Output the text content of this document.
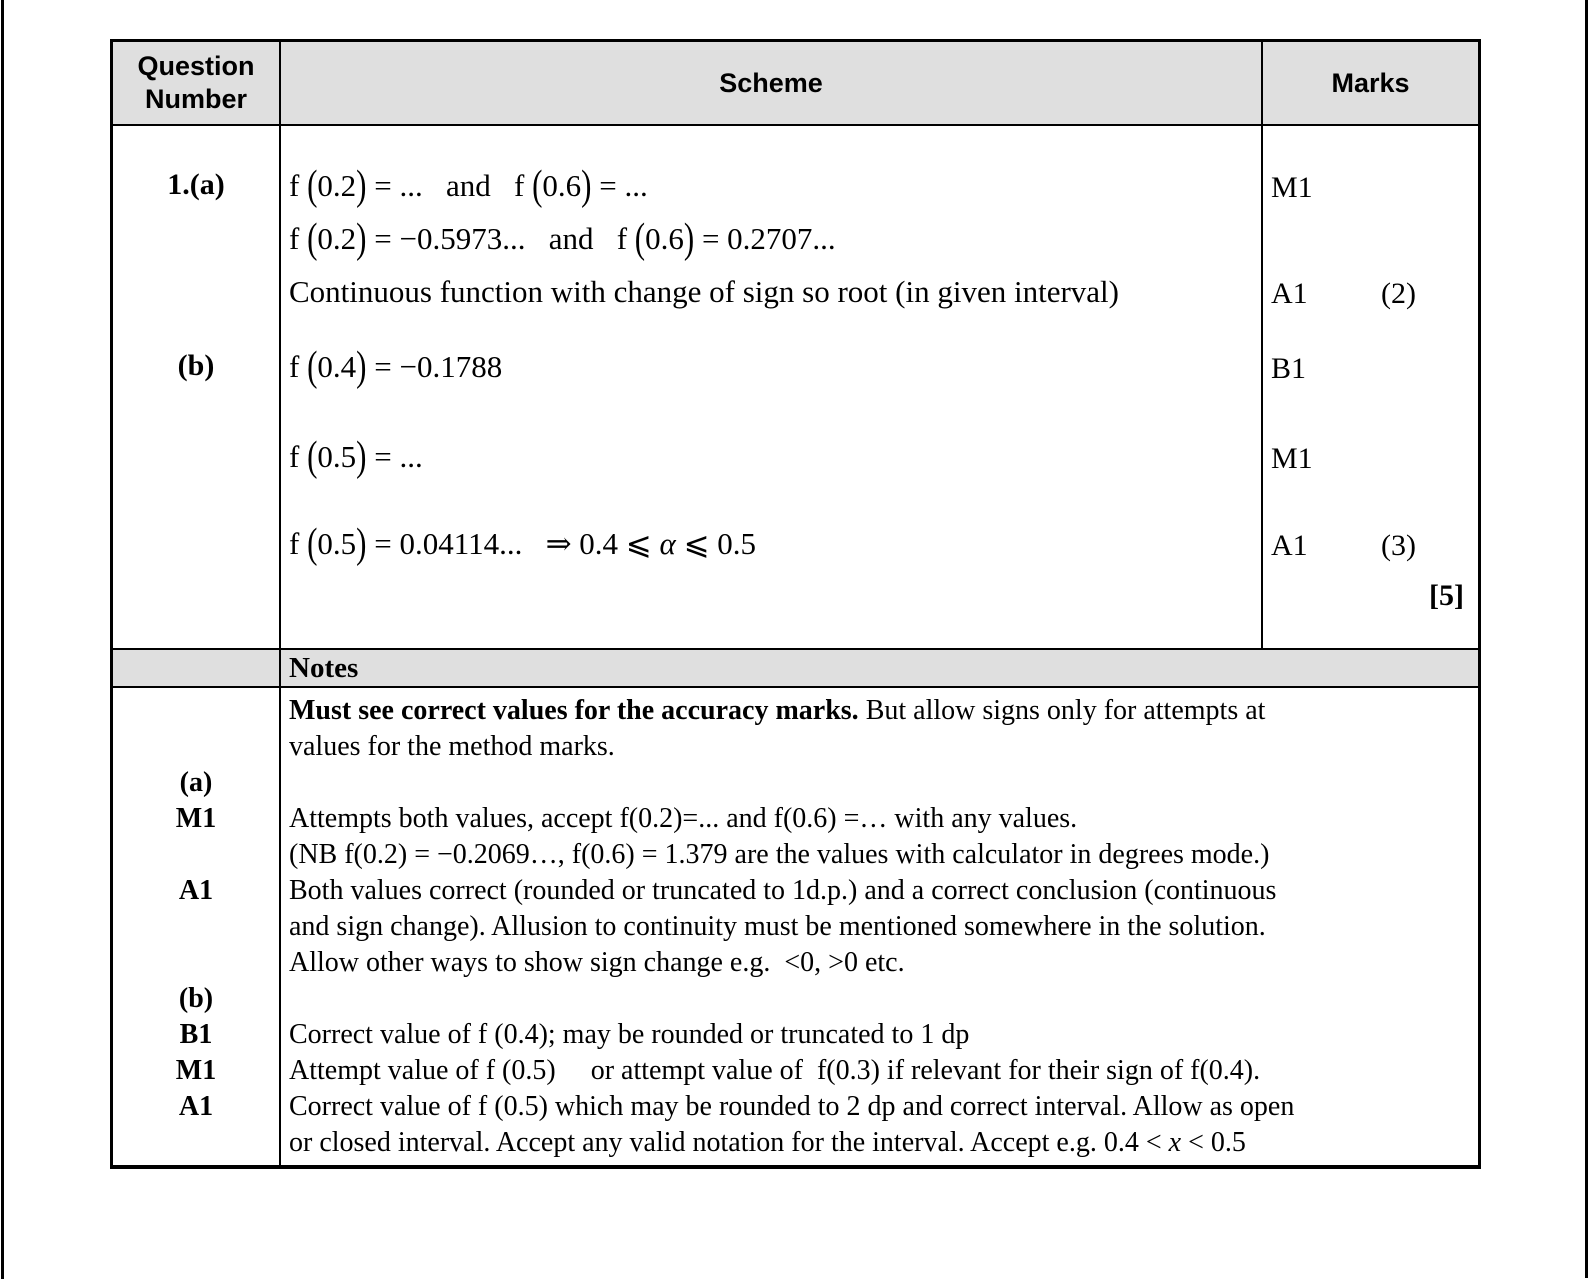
Question Number
Scheme	Marks
1.(a)
(b)
f (0.2) = ...   and   f (0.6) = ...
f (0.2) = −0.5973...   and   f (0.6) = 0.2707...
Continuous function with change of sign so root (in given interval)
f (0.4) = −0.1788
f (0.5) = ...
f (0.5) = 0.04114...   ⇒ 0.4 ⩽ α ⩽ 0.5
M1
A1 (2)
B1
M1
A1 (3)
[5]
Notes
(a)
M1
A1
(b)
B1
M1
A1
Must see correct values for the accuracy marks. But allow signs only for attempts at
values for the method marks.
Attempts both values, accept f(0.2)=... and f(0.6) =… with any values.
(NB f(0.2) = −0.2069…, f(0.6) = 1.379 are the values with calculator in degrees mode.)
Both values correct (rounded or truncated to 1d.p.) and a correct conclusion (continuous
and sign change). Allusion to continuity must be mentioned somewhere in the solution.
Allow other ways to show sign change e.g.  <0, >0 etc.
Correct value of f (0.4); may be rounded or truncated to 1 dp
Attempt value of f (0.5)     or attempt value of  f(0.3) if relevant for their sign of f(0.4).
Correct value of f (0.5) which may be rounded to 2 dp and correct interval. Allow as open
or closed interval. Accept any valid notation for the interval. Accept e.g. 0.4 < x < 0.5
